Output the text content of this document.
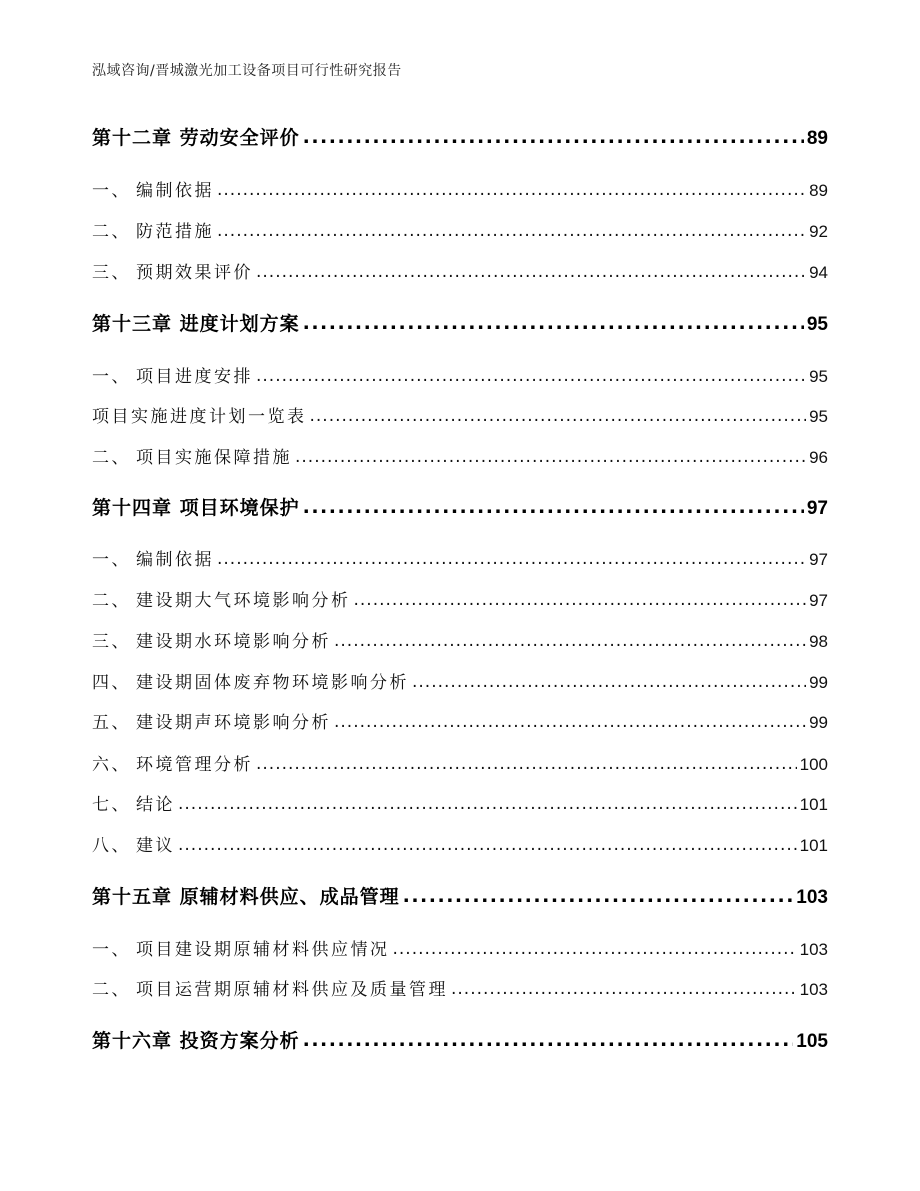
泓域咨询/晋城激光加工设备项目可行性研究报告
第十二章 劳动安全评价 .....	89
一、 编制依据 .....	89
二、 防范措施 .....	92
三、 预期效果评价 .....	94
第十三章 进度计划方案 .....	95
一、 项目进度安排 .....	95
项目实施进度计划一览表 .....	95
二、 项目实施保障措施 .....	96
第十四章 项目环境保护 .....	97
一、 编制依据 .....	97
二、 建设期大气环境影响分析 .....	97
三、 建设期水环境影响分析 .....	98
四、 建设期固体废弃物环境影响分析 .....	99
五、 建设期声环境影响分析 .....	99
六、 环境管理分析 .....	100
七、 结论 .....	101
八、 建议 .....	101
第十五章 原辅材料供应、成品管理 .....	103
一、 项目建设期原辅材料供应情况 .....	103
二、 项目运营期原辅材料供应及质量管理 .....	103
第十六章 投资方案分析 .....	105
